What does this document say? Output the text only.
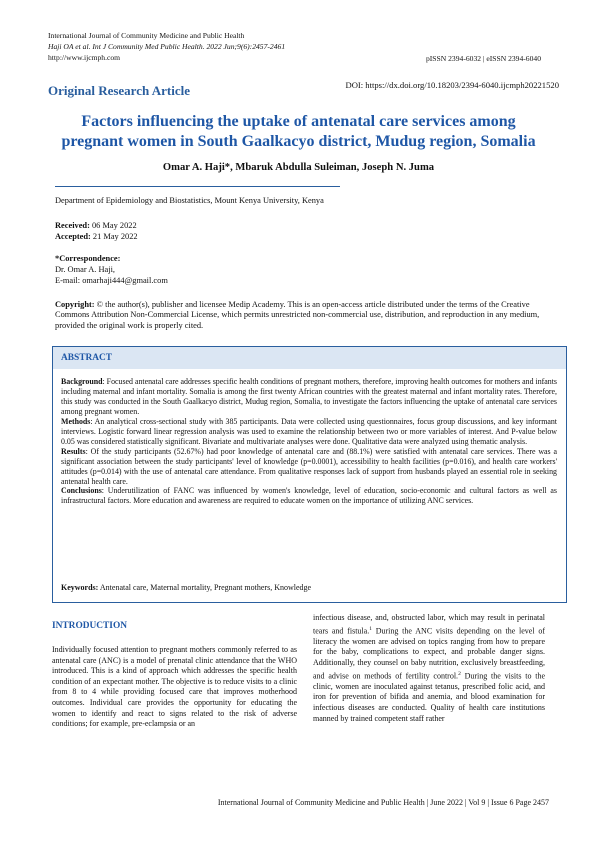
International Journal of Community Medicine and Public Health
Haji OA et al. Int J Community Med Public Health. 2022 Jun;9(6):2457-2461
http://www.ijcmph.com	pISSN 2394-6032 | eISSN 2394-6040
Original Research Article	DOI: https://dx.doi.org/10.18203/2394-6040.ijcmph20221520
Factors influencing the uptake of antenatal care services among pregnant women in South Gaalkacyo district, Mudug region, Somalia
Omar A. Haji*, Mbaruk Abdulla Suleiman, Joseph N. Juma
Department of Epidemiology and Biostatistics, Mount Kenya University, Kenya
Received: 06 May 2022
Accepted: 21 May 2022
*Correspondence:
Dr. Omar A. Haji,
E-mail: omarhaji444@gmail.com
Copyright: © the author(s), publisher and licensee Medip Academy. This is an open-access article distributed under the terms of the Creative Commons Attribution Non-Commercial License, which permits unrestricted non-commercial use, distribution, and reproduction in any medium, provided the original work is properly cited.
ABSTRACT

Background: Focused antenatal care addresses specific health conditions of pregnant mothers, therefore, improving health outcomes for mothers and infants including maternal and infant mortality. Somalia is among the first twenty African countries with the greatest maternal and infant mortality rates. Therefore, this study was conducted in the South Gaalkacyo district, Mudug region, Somalia, to investigate the factors influencing the uptake of antenatal care services among pregnant women.

Methods: An analytical cross-sectional study with 385 participants. Data were collected using questionnaires, focus group discussions, and key informant interviews. Logistic forward linear regression analysis was used to examine the relationship between two or more variables of interest. And P-value below 0.05 was considered statistically significant. Bivariate and multivariate analyses were done. Qualitative data were analyzed using thematic analysis.

Results: Of the study participants (52.67%) had poor knowledge of antenatal care and (88.1%) were satisfied with antenatal care services. There was a significant association between the study participants' level of knowledge (p=0.0001), accessibility to health facilities (p=0.016), and health care workers' attitudes (p=0.014) with the use of antenatal care attendance. From qualitative responses lack of support from husbands played an essential role in seeking antenatal health care.

Conclusions: Underutilization of FANC was influenced by women's knowledge, level of education, socio-economic and cultural factors as well as infrastructural factors. More education and awareness are required to educate women on the importance of utilizing ANC services.

Keywords: Antenatal care, Maternal mortality, Pregnant mothers, Knowledge
INTRODUCTION

Individually focused attention to pregnant mothers commonly referred to as antenatal care (ANC) is a model of prenatal clinic attendance that the WHO introduced. This is a kind of approach which addresses the specific health condition of an expectant mother. The objective is to reduce visits to a clinic from 8 to 4 while providing focused care that improves motherhood outcomes. Individual care provides the opportunity for educating the women to identify and react to signs related to the risk of adverse conditions; for example, pre-eclampsia or an

infectious disease, and, obstructed labor, which may result in perinatal tears and fistula.$^1$ During the ANC visits depending on the level of literacy the women are advised on topics ranging from how to prepare for the baby, complications to expect, and probable danger signs. Additionally, they counsel on baby nutrition, exclusively breastfeeding, and advise on methods of fertility control.$^2$ During the visits to the clinic, women are inoculated against tetanus, prescribed folic acid, and iron for prevention of bifida and anemia, and blood examination for infectious diseases are conducted. Quality of health care institutions manned by trained competent staff rather

International Journal of Community Medicine and Public Health | June 2022 | Vol 9 | Issue 6 Page 2457
